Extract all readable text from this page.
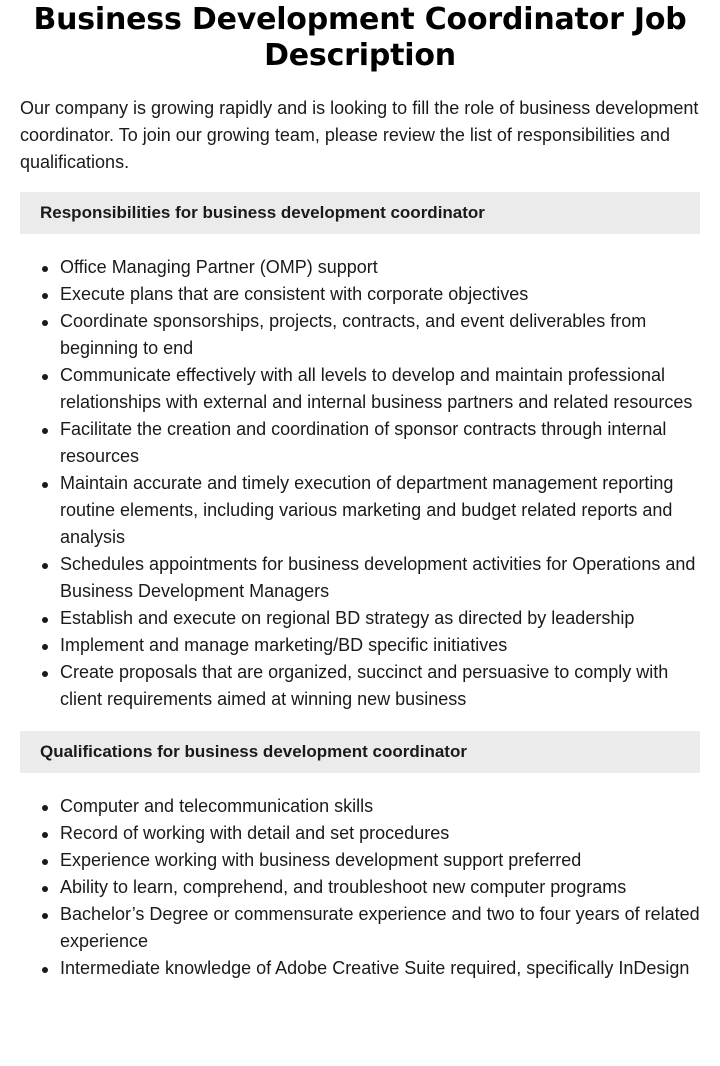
Business Development Coordinator Job Description

Our company is growing rapidly and is looking to fill the role of business development coordinator. To join our growing team, please review the list of responsibilities and qualifications.

Responsibilities for business development coordinator
Office Managing Partner (OMP) support
Execute plans that are consistent with corporate objectives
Coordinate sponsorships, projects, contracts, and event deliverables from beginning to end
Communicate effectively with all levels to develop and maintain professional relationships with external and internal business partners and related resources
Facilitate the creation and coordination of sponsor contracts through internal resources
Maintain accurate and timely execution of department management reporting routine elements, including various marketing and budget related reports and analysis
Schedules appointments for business development activities for Operations and Business Development Managers
Establish and execute on regional BD strategy as directed by leadership
Implement and manage marketing/BD specific initiatives
Create proposals that are organized, succinct and persuasive to comply with client requirements aimed at winning new business
Qualifications for business development coordinator
Computer and telecommunication skills
Record of working with detail and set procedures
Experience working with business development support preferred
Ability to learn, comprehend, and troubleshoot new computer programs
Bachelor’s Degree or commensurate experience and two to four years of related experience
Intermediate knowledge of Adobe Creative Suite required, specifically InDesign
